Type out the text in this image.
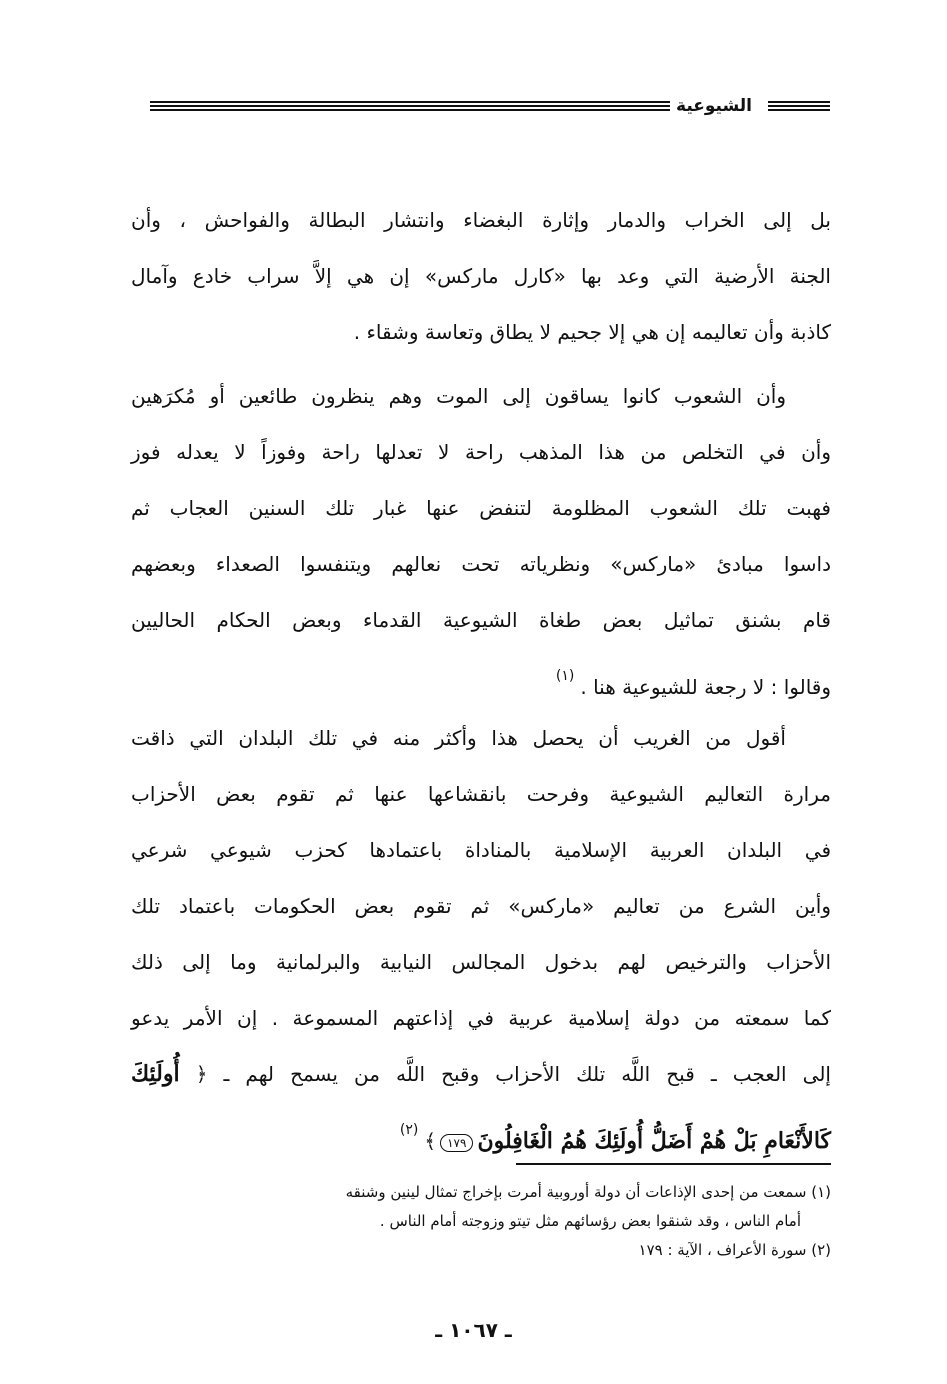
الشيوعية
بل إلى الخراب والدمار وإثارة البغضاء وانتشار البطالة والفواحش ، وأن
الجنة الأرضية التي وعد بها «كارل ماركس» إن هي إلاَّ سراب خادع وآمال
كاذبة وأن تعاليمه إن هي إلا جحيم لا يطاق وتعاسة وشقاء .
وأن الشعوب كانوا يساقون إلى الموت وهم ينظرون طائعين أو مُكرَهين
وأن في التخلص من هذا المذهب راحة لا تعدلها راحة وفوزاً لا يعدله فوز
فهبت تلك الشعوب المظلومة لتنفض عنها غبار تلك السنين العجاب ثم
داسوا مبادئ «ماركس» ونظرياته تحت نعالهم ويتنفسوا الصعداء وبعضهم
قام بشنق تماثيل بعض طغاة الشيوعية القدماء وبعض الحكام الحاليين
وقالوا : لا رجعة للشيوعية هنا .$^{(١)}$
أقول من الغريب أن يحصل هذا وأكثر منه في تلك البلدان التي ذاقت
مرارة التعاليم الشيوعية وفرحت بانقشاعها عنها ثم تقوم بعض الأحزاب
في البلدان العربية الإسلامية بالمناداة باعتمادها كحزب شيوعي شرعي
وأين الشرع من تعاليم «ماركس» ثم تقوم بعض الحكومات باعتماد تلك
الأحزاب والترخيص لهم بدخول المجالس النيابية والبرلمانية وما إلى ذلك
كما سمعته من دولة إسلامية عربية في إذاعتهم المسموعة . إن الأمر يدعو
إلى العجب ـ قبح اللَّه تلك الأحزاب وقبح اللَّه من يسمح لهم ـ ﴿ أُولَئِكَ
كَالأَنْعَامِ بَلْ هُمْ أَضَلُّ أُولَئِكَ هُمُ الْغَافِلُونَ١٧٩﴾$^{(٢)}$
(١) سمعت من إحدى الإذاعات أن دولة أوروبية أمرت بإخراج تمثال لينين وشنقه
أمام الناس ، وقد شنقوا بعض رؤسائهم مثل تيتو وزوجته أمام الناس .
(٢) سورة الأعراف ، الآية : ١٧٩
ـ ١٠٦٧ ـ
